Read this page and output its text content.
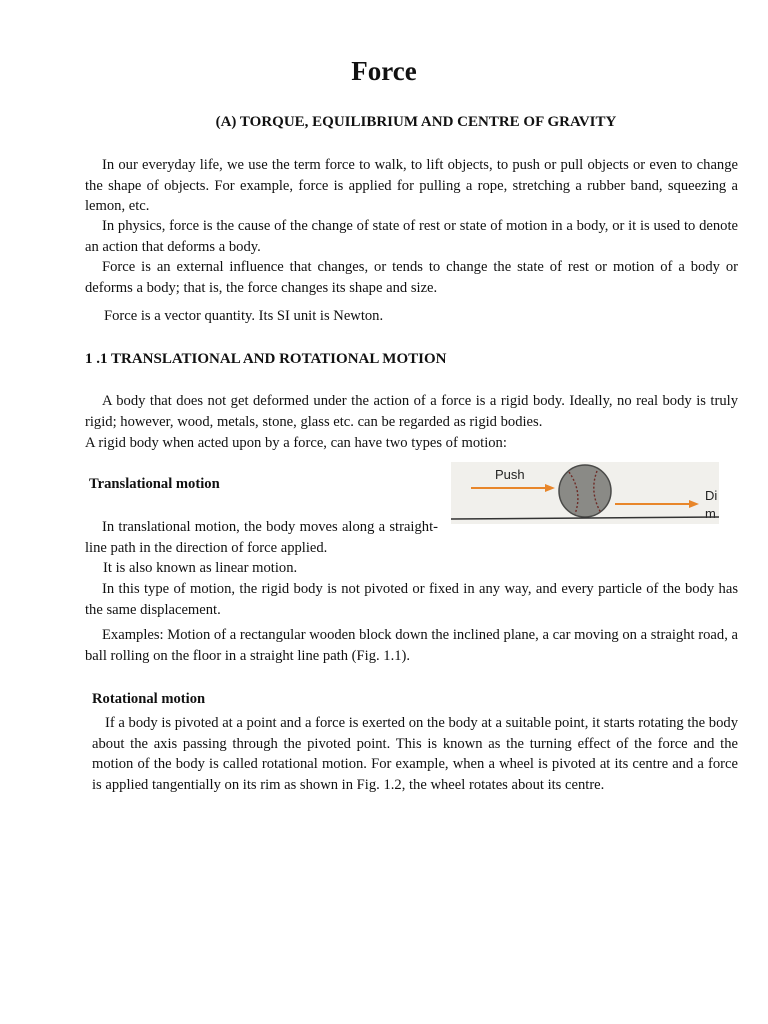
Force
(A) TORQUE, EQUILIBRIUM AND CENTRE OF GRAVITY

In our everyday life, we use the term force to walk, to lift objects, to push or pull objects or even to change the shape of objects. For example, force is applied for pulling a rope, stretching a rubber band, squeezing a lemon, etc.

In physics, force is the cause of the change of state of rest or state of motion in a body, or it is used to denote an action that deforms a body.

Force is an external influence that changes, or tends to change the state of rest or motion of a body or deforms a body; that is, the force changes its shape and size.

Force is a vector quantity. Its SI unit is Newton.

1 .1 TRANSLATIONAL AND ROTATIONAL MOTION

A body that does not get deformed under the action of a force is a rigid body. Ideally, no real body is truly rigid; however, wood, metals, stone, glass etc. can be regarded as rigid bodies.

A rigid body when acted upon by a force, can have two types of motion:

Translational motion
Push
Di
m

In translational motion, the body moves along a straight-line path in the direction of force applied.

It is also known as linear motion.

In this type of motion, the rigid body is not pivoted or fixed in any way, and every particle of the body has the same displacement.

Examples: Motion of a rectangular wooden block down the inclined plane, a car moving on a straight road, a ball rolling on the floor in a straight line path (Fig. 1.1).

Rotational motion

If a body is pivoted at a point and a force is exerted on the body at a suitable point, it starts rotating the body about the axis passing through the pivoted point. This is known as the turning effect of the force and the motion of the body is called rotational motion. For example, when a wheel is pivoted at its centre and a force is applied tangentially on its rim as shown in Fig. 1.2, the wheel rotates about its centre.
